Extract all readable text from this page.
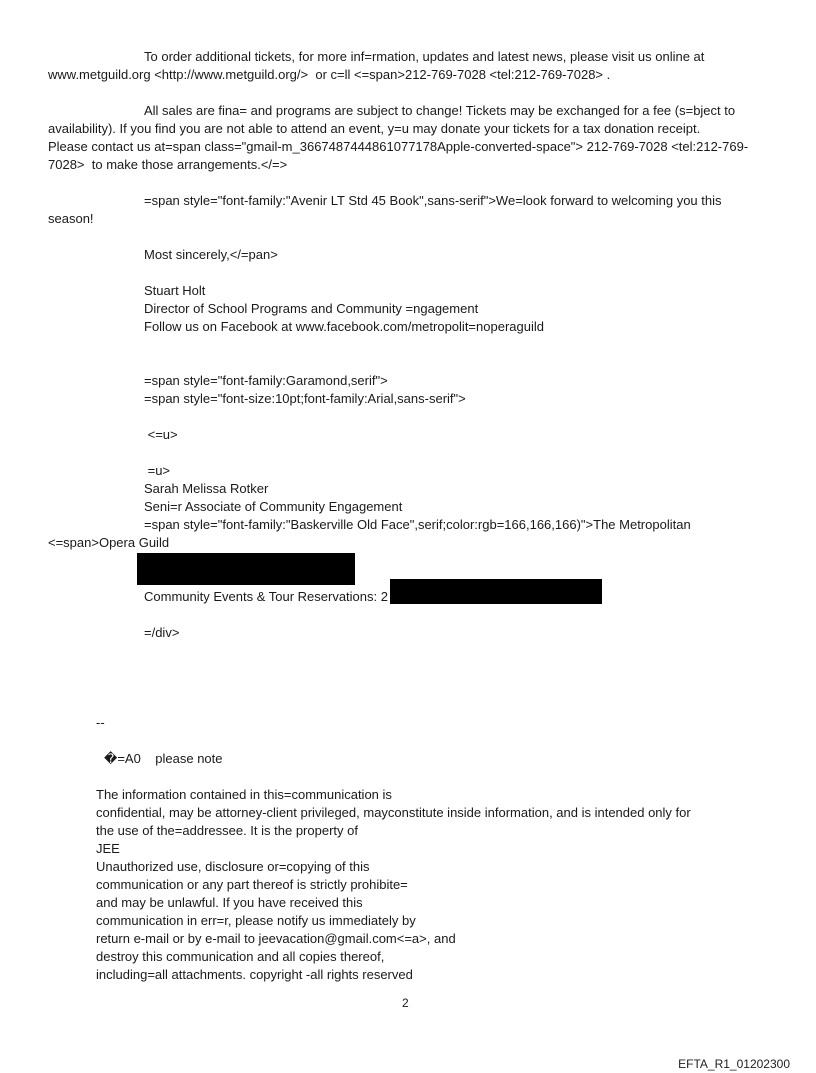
To order additional tickets, for more inf=rmation, updates and latest news, please visit us online at
www.metguild.org <http://www.metguild.org/>  or c=ll <=span>212-769-7028 <tel:212-769-7028> .
All sales are fina= and programs are subject to change! Tickets may be exchanged for a fee (s=bject to
availability). If you find you are not able to attend an event, y=u may donate your tickets for a tax donation receipt.
Please contact us at=span class="gmail-m_3667487444861077178Apple-converted-space"> 212-769-7028 <tel:212-769-
7028>  to make those arrangements.</=>
=span style="font-family:"Avenir LT Std 45 Book",sans-serif">We=look forward to welcoming you this
season!
Most sincerely,</=pan>
Stuart Holt
Director of School Programs and Community =ngagement
Follow us on Facebook at www.facebook.com/metropolit=noperaguild
=span style="font-family:Garamond,serif">
=span style="font-size:10pt;font-family:Arial,sans-serif">
<=u>
=u>
Sarah Melissa Rotker
Seni=r Associate of Community Engagement
=span style="font-family:"Baskerville Old Face",serif;color:rgb=166,166,166)">The Metropolitan
<=span>Opera Guild
Community Events & Tour Reservations: 2
=/div>
--
�=A0    please note
The information contained in this=communication is
confidential, may be attorney-client privileged, mayconstitute inside information, and is intended only for
the use of the=addressee. It is the property of
JEE
Unauthorized use, disclosure or=copying of this
communication or any part thereof is strictly prohibite=
and may be unlawful. If you have received this
communication in err=r, please notify us immediately by
return e-mail or by e-mail to jeevacation@gmail.com<=a>, and
destroy this communication and all copies thereof,
including=all attachments. copyright -all rights reserved
2
EFTA_R1_01202300
